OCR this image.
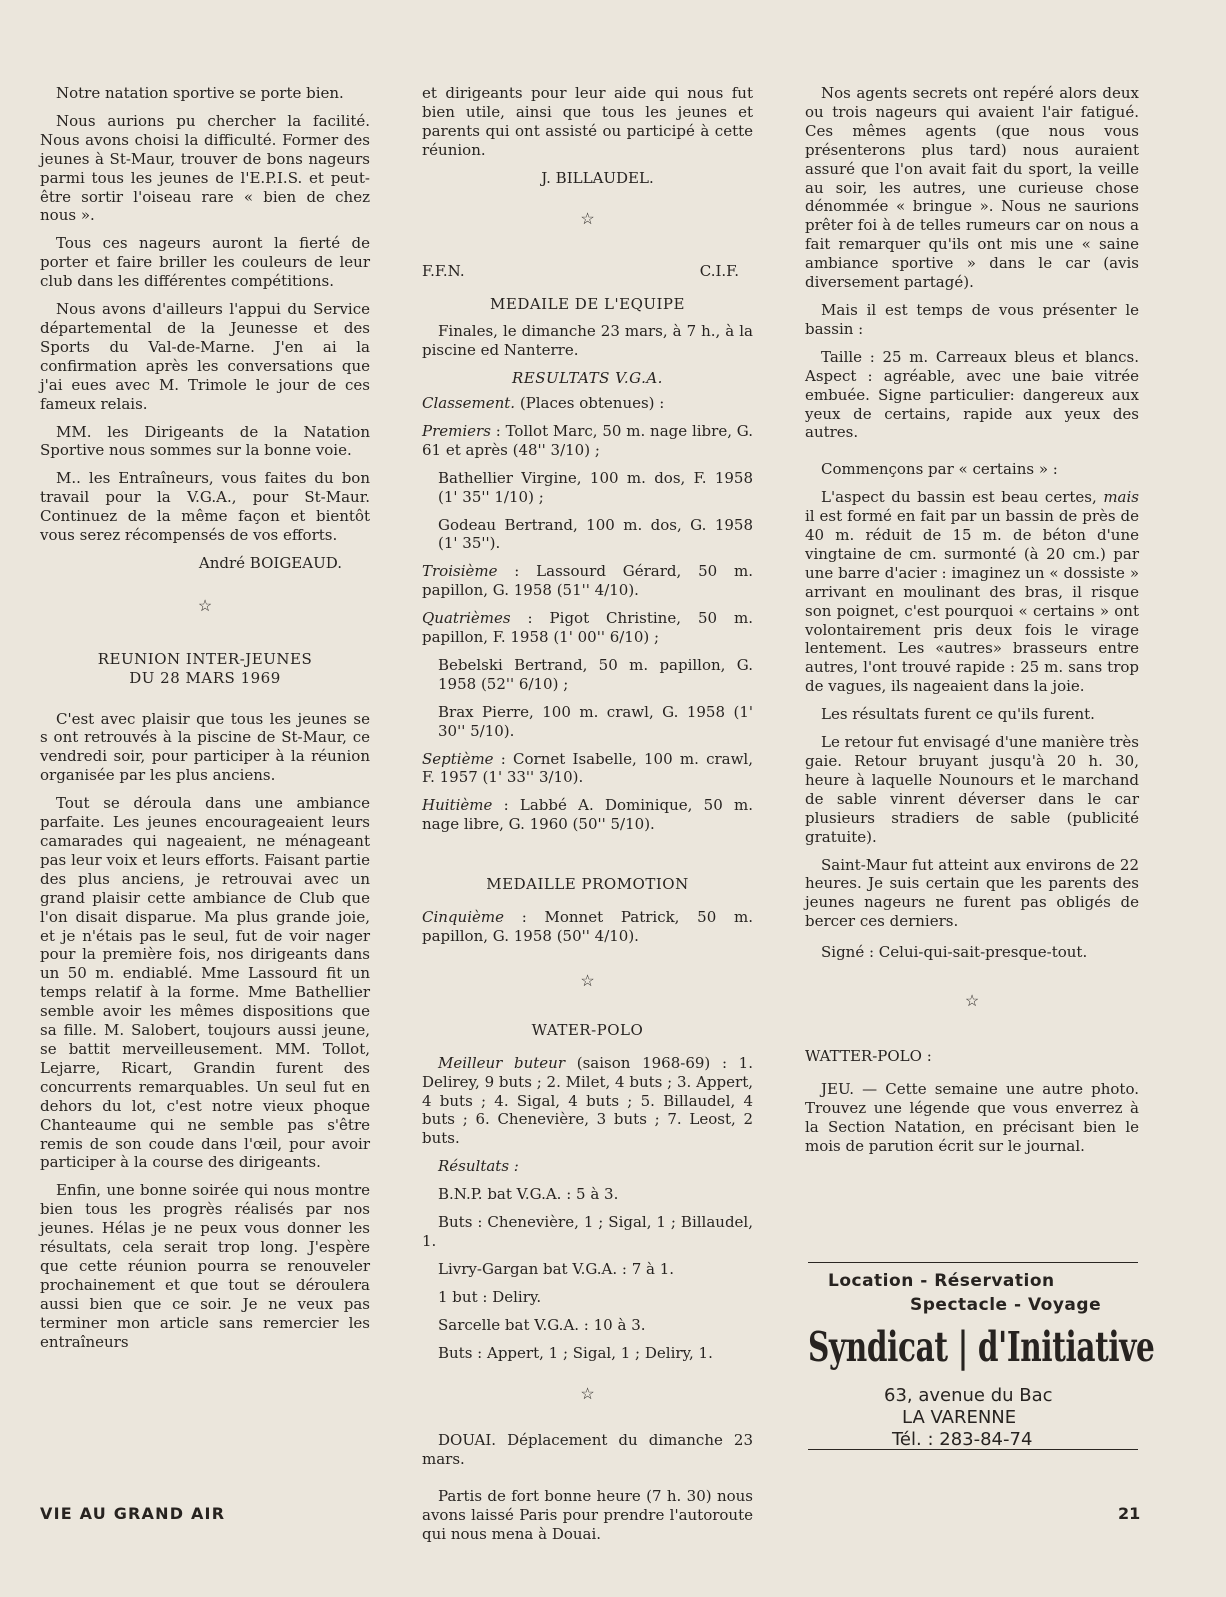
Notre natation sportive se porte bien.

Nous aurions pu chercher la facilité. Nous avons choisi la difficulté. Former des jeunes à St-Maur, trouver de bons nageurs parmi tous les jeunes de l'E.P.I.S. et peut-être sortir l'oiseau rare « bien de chez nous ».

Tous ces nageurs auront la fierté de porter et faire briller les couleurs de leur club dans les différentes compétitions.

Nous avons d'ailleurs l'appui du Service départemental de la Jeunesse et des Sports du Val-de-Marne. J'en ai la confirmation après les conversations que j'ai eues avec M. Trimole le jour de ces fameux relais.

MM. les Dirigeants de la Natation Sportive nous sommes sur la bonne voie.

M.. les Entraîneurs, vous faites du bon travail pour la V.G.A., pour St-Maur. Continuez de la même façon et bientôt vous serez récompensés de vos efforts.

André BOIGEAUD.

☆
REUNION INTER-JEUNES
DU 28 MARS 1969

C'est avec plaisir que tous les jeunes se s ont retrouvés à la piscine de St-Maur, ce vendredi soir, pour participer à la réunion organisée par les plus anciens.

Tout se déroula dans une ambiance parfaite. Les jeunes encourageaient leurs camarades qui nageaient, ne ménageant pas leur voix et leurs efforts. Faisant partie des plus anciens, je retrouvai avec un grand plaisir cette ambiance de Club que l'on disait disparue. Ma plus grande joie, et je n'étais pas le seul, fut de voir nager pour la première fois, nos dirigeants dans un 50 m. endiablé. Mme Lassourd fit un temps relatif à la forme. Mme Bathellier semble avoir les mêmes dispositions que sa fille. M. Salobert, toujours aussi jeune, se battit merveilleusement. MM. Tollot, Lejarre, Ricart, Grandin furent des concurrents remarquables. Un seul fut en dehors du lot, c'est notre vieux phoque Chanteaume qui ne semble pas s'être remis de son coude dans l'œil, pour avoir participer à la course des dirigeants.

Enfin, une bonne soirée qui nous montre bien tous les progrès réalisés par nos jeunes. Hélas je ne peux vous donner les résultats, cela serait trop long. J'espère que cette réunion pourra se renouveler prochainement et que tout se déroulera aussi bien que ce soir. Je ne veux pas terminer mon article sans remercier les entraîneurs

et dirigeants pour leur aide qui nous fut bien utile, ainsi que tous les jeunes et parents qui ont assisté ou participé à cette réunion.

J. BILLAUDEL.

☆
F.F.N.	C.I.F.
MEDAILE DE L'EQUIPE

Finales, le dimanche 23 mars, à 7 h., à la piscine ed Nanterre.

RESULTATS V.G.A.

Classement. (Places obtenues) :

Premiers : Tollot Marc, 50 m. nage libre, G. 61 et après (48'' 3/10) ;

Bathellier Virgine, 100 m. dos, F. 1958 (1' 35'' 1/10) ;

Godeau Bertrand, 100 m. dos, G. 1958 (1' 35'').

Troisième : Lassourd Gérard, 50 m. papillon, G. 1958 (51'' 4/10).

Quatrièmes : Pigot Christine, 50 m. papillon, F. 1958 (1' 00'' 6/10) ;

Bebelski Bertrand, 50 m. papillon, G. 1958 (52'' 6/10) ;

Brax Pierre, 100 m. crawl, G. 1958 (1' 30'' 5/10).

Septième : Cornet Isabelle, 100 m. crawl, F. 1957 (1' 33'' 3/10).

Huitième : Labbé A. Dominique, 50 m. nage libre, G. 1960 (50'' 5/10).

MEDAILLE PROMOTION

Cinquième : Monnet Patrick, 50 m. papillon, G. 1958 (50'' 4/10).

☆
WATER-POLO

Meilleur buteur (saison 1968-69) : 1. Delirey, 9 buts ; 2. Milet, 4 buts ; 3. Appert, 4 buts ; 4. Sigal, 4 buts ; 5. Billaudel, 4 buts ; 6. Chenevière, 3 buts ; 7. Leost, 2 buts.

Résultats :

B.N.P. bat V.G.A. : 5 à 3.

Buts : Chenevière, 1 ; Sigal, 1 ; Billaudel, 1.

Livry-Gargan bat V.G.A. : 7 à 1.

1 but : Deliry.

Sarcelle bat V.G.A. : 10 à 3.

Buts : Appert, 1 ; Sigal, 1 ; Deliry, 1.

☆

DOUAI. Déplacement du dimanche 23 mars.

Partis de fort bonne heure (7 h. 30) nous avons laissé Paris pour prendre l'autoroute qui nous mena à Douai.

Nos agents secrets ont repéré alors deux ou trois nageurs qui avaient l'air fatigué. Ces mêmes agents (que nous vous présenterons plus tard) nous auraient assuré que l'on avait fait du sport, la veille au soir, les autres, une curieuse chose dénommée « bringue ». Nous ne saurions prêter foi à de telles rumeurs car on nous a fait remarquer qu'ils ont mis une « saine ambiance sportive » dans le car (avis diversement partagé).

Mais il est temps de vous présenter le bassin :

Taille : 25 m. Carreaux bleus et blancs. Aspect : agréable, avec une baie vitrée embuée. Signe particulier: dangereux aux yeux de certains, rapide aux yeux des autres.

Commençons par « certains » :

L'aspect du bassin est beau certes, mais il est formé en fait par un bassin de près de 40 m. réduit de 15 m. de béton d'une vingtaine de cm. surmonté (à 20 cm.) par une barre d'acier : imaginez un « dossiste » arrivant en moulinant des bras, il risque son poignet, c'est pourquoi « certains » ont volontairement pris deux fois le virage lentement. Les «autres» brasseurs entre autres, l'ont trouvé rapide : 25 m. sans trop de vagues, ils nageaient dans la joie.

Les résultats furent ce qu'ils furent.

Le retour fut envisagé d'une manière très gaie. Retour bruyant jusqu'à 20 h. 30, heure à laquelle Nounours et le marchand de sable vinrent déverser dans le car plusieurs stradiers de sable (publicité gratuite).

Saint-Maur fut atteint aux environs de 22 heures. Je suis certain que les parents des jeunes nageurs ne furent pas obligés de bercer ces derniers.

Signé : Celui-qui-sait-presque-tout.

☆

WATTER-POLO :

JEU. — Cette semaine une autre photo. Trouvez une légende que vous enverrez à la Section Natation, en précisant bien le mois de parution écrit sur le journal.

Location - Réservation
Spectacle - Voyage
Syndicat | d'Initiative
63, avenue du Bac
LA VARENNE
Tél. : 283-84-74
VIE AU GRAND AIR	21
